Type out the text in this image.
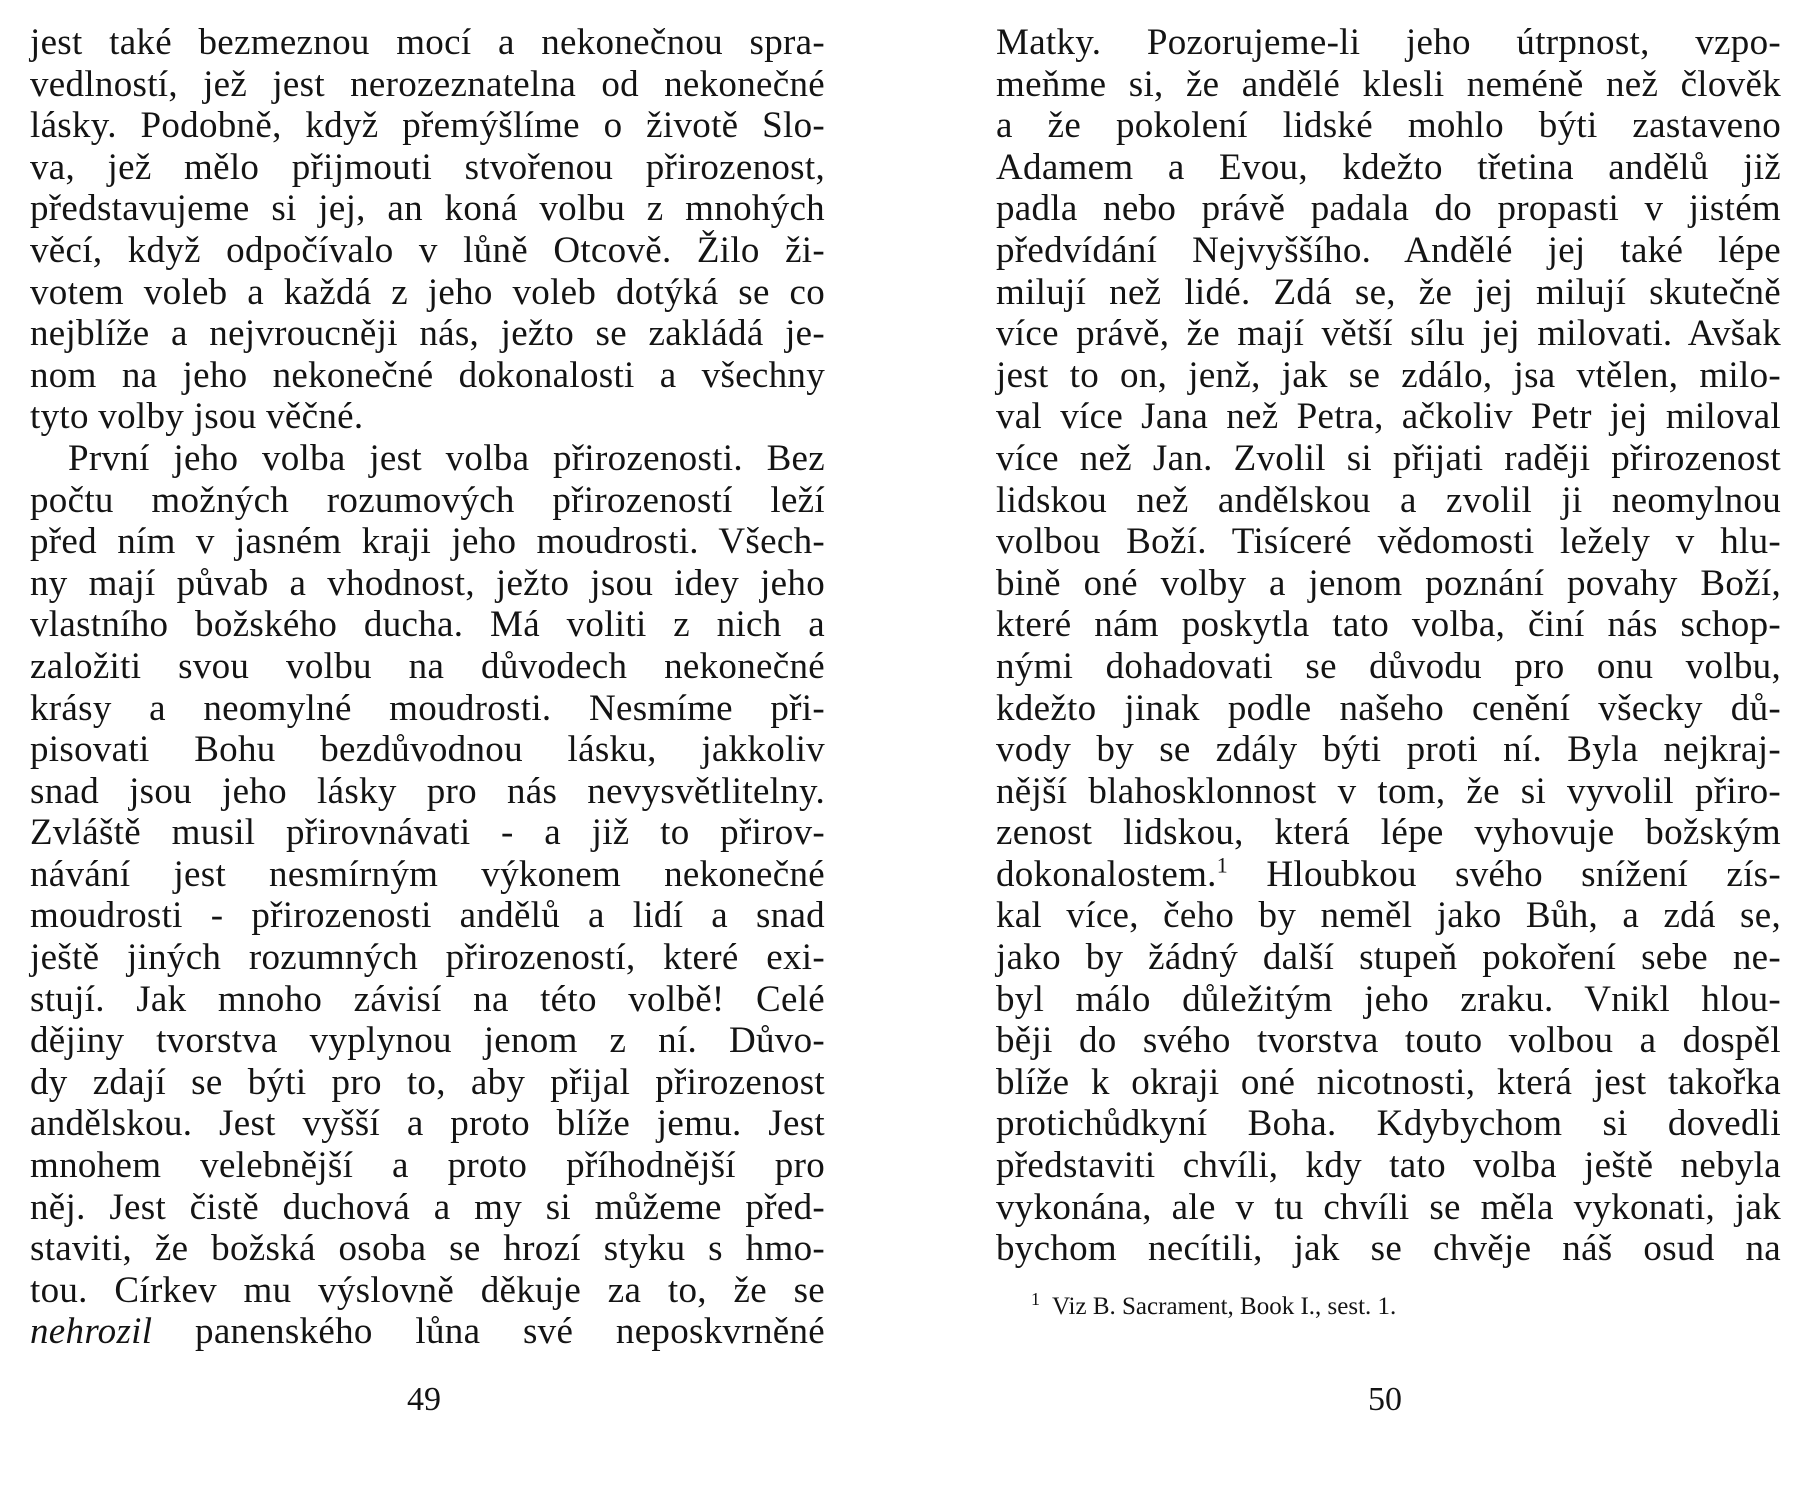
jest také bezmeznou mocí a nekonečnou spra-
vedlností, jež jest nerozeznatelna od nekonečné
lásky. Podobně, když přemýšlíme o životě Slo-
va, jež mělo přijmouti stvořenou přirozenost,
představujeme si jej, an koná volbu z mnohých
věcí, když odpočívalo v lůně Otcově. Žilo ži-
votem voleb a každá z jeho voleb dotýká se co
nejblíže a nejvroucněji nás, ježto se zakládá je-
nom na jeho nekonečné dokonalosti a všechny
tyto volby jsou věčné.
První jeho volba jest volba přirozenosti. Bez
počtu možných rozumových přirozeností leží
před ním v jasném kraji jeho moudrosti. Všech-
ny mají půvab a vhodnost, ježto jsou idey jeho
vlastního božského ducha. Má voliti z nich a
založiti svou volbu na důvodech nekonečné
krásy a neomylné moudrosti. Nesmíme při-
pisovati Bohu bezdůvodnou lásku, jakkoliv
snad jsou jeho lásky pro nás nevysvětlitelny.
Zvláště musil přirovnávati - a již to přirov-
návání jest nesmírným výkonem nekonečné
moudrosti - přirozenosti andělů a lidí a snad
ještě jiných rozumných přirozeností, které exi-
stují. Jak mnoho závisí na této volbě! Celé
dějiny tvorstva vyplynou jenom z ní. Důvo-
dy zdají se býti pro to, aby přijal přirozenost
andělskou. Jest vyšší a proto blíže jemu. Jest
mnohem velebnější a proto příhodnější pro
něj. Jest čistě duchová a my si můžeme před-
staviti, že božská osoba se hrozí styku s hmo-
tou. Církev mu výslovně děkuje za to, že se
nehrozil panenského lůna své neposkvrněné
Matky. Pozorujeme-li jeho útrpnost, vzpo-
meňme si, že andělé klesli neméně než člověk
a že pokolení lidské mohlo býti zastaveno
Adamem a Evou, kdežto třetina andělů již
padla nebo právě padala do propasti v jistém
předvídání Nejvyššího. Andělé jej také lépe
milují než lidé. Zdá se, že jej milují skutečně
více právě, že mají větší sílu jej milovati. Avšak
jest to on, jenž, jak se zdálo, jsa vtělen, milo-
val více Jana než Petra, ačkoliv Petr jej miloval
více než Jan. Zvolil si přijati raději přirozenost
lidskou než andělskou a zvolil ji neomylnou
volbou Boží. Tisíceré vědomosti ležely v hlu-
bině oné volby a jenom poznání povahy Boží,
které nám poskytla tato volba, činí nás schop-
nými dohadovati se důvodu pro onu volbu,
kdežto jinak podle našeho cenění všecky dů-
vody by se zdály býti proti ní. Byla nejkraj-
nější blahosklonnost v tom, že si vyvolil přiro-
zenost lidskou, která lépe vyhovuje božským
dokonalostem.$^1$ Hloubkou svého snížení zís-
kal více, čeho by neměl jako Bůh, a zdá se,
jako by žádný další stupeň pokoření sebe ne-
byl málo důležitým jeho zraku. Vnikl hlou-
běji do svého tvorstva touto volbou a dospěl
blíže k okraji oné nicotnosti, která jest takořka
protichůdkyní Boha. Kdybychom si dovedli
představiti chvíli, kdy tato volba ještě nebyla
vykonána, ale v tu chvíli se měla vykonati, jak
bychom necítili, jak se chvěje náš osud na
$^1$ Viz B. Sacrament, Book I., sest. 1.
49	50
